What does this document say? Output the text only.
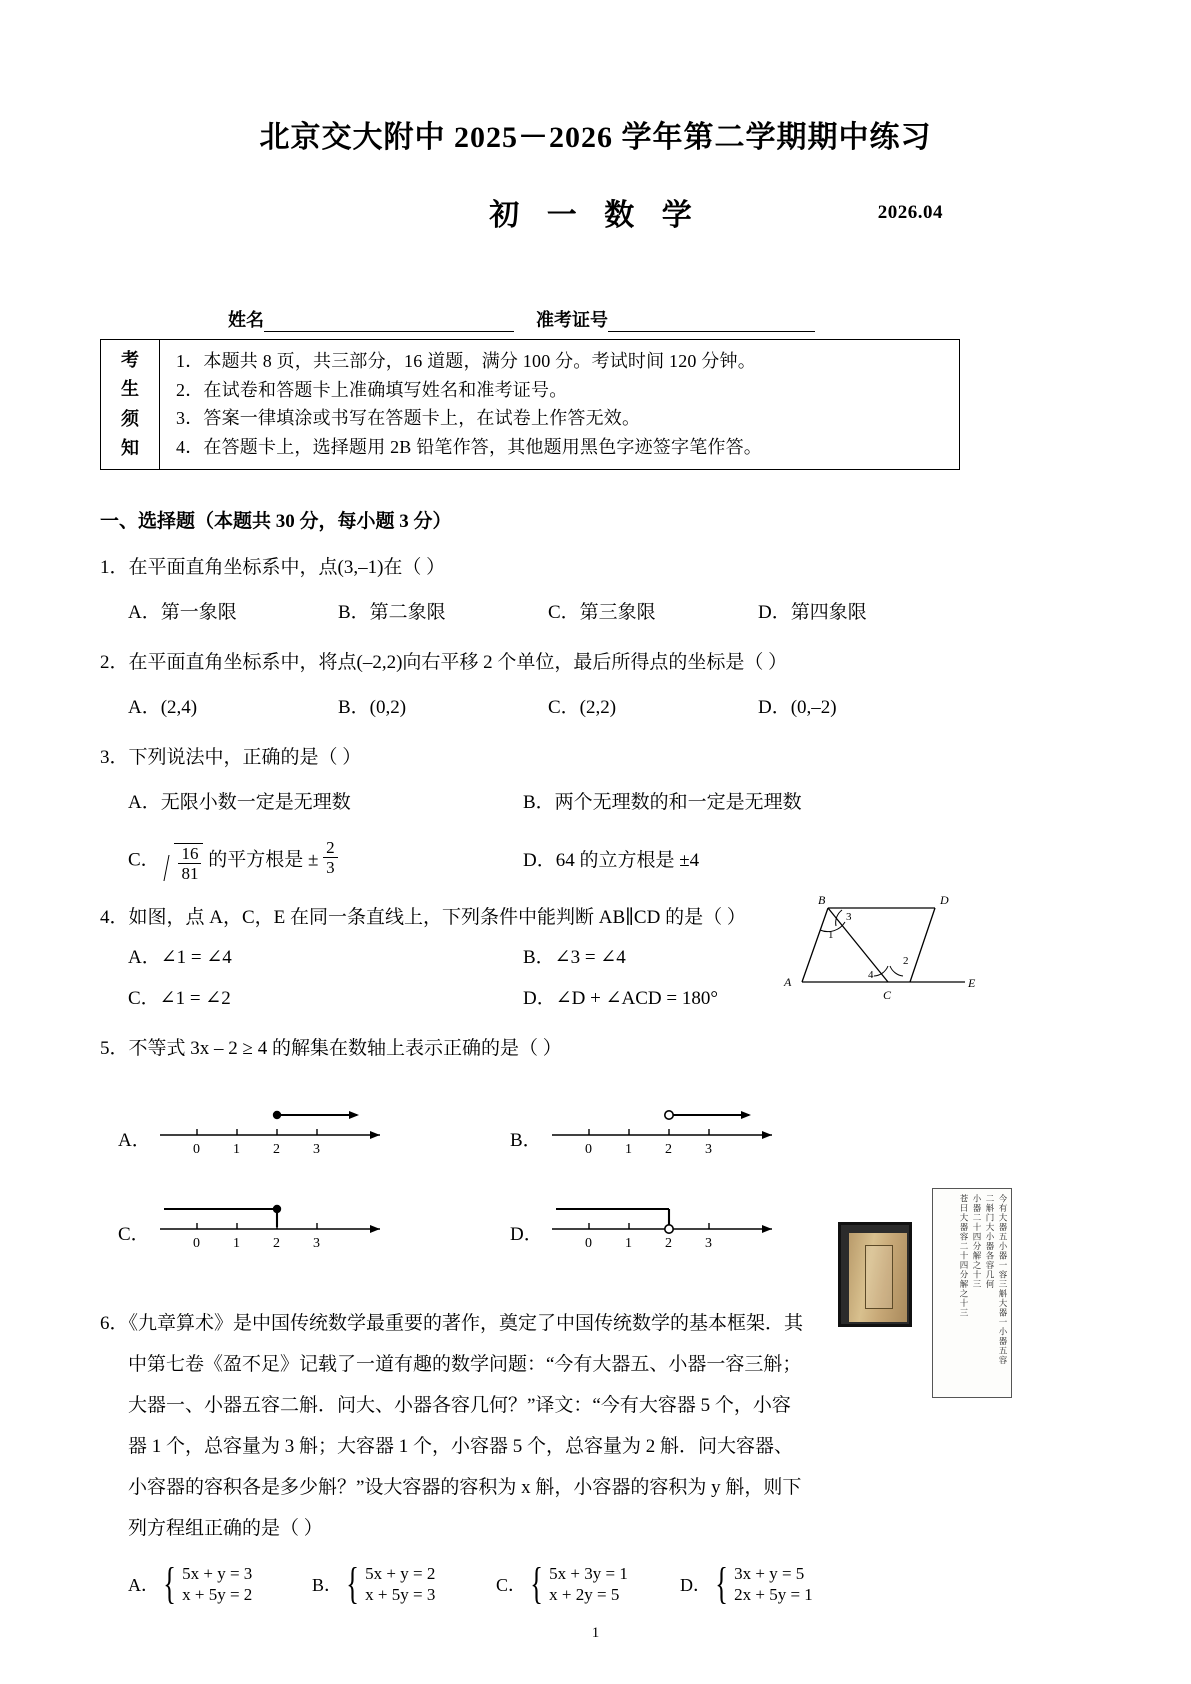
北京交大附中 2025－2026 学年第二学期期中练习
初 一 数 学	2026.04
姓名	准考证号
考
生
须
知
1．本题共 8 页，共三部分，16 道题，满分 100 分。考试时间 120 分钟。
2．在试卷和答题卡上准确填写姓名和准考证号。
3．答案一律填涂或书写在答题卡上，在试卷上作答无效。
4．在答题卡上，选择题用 2B 铅笔作答，其他题用黑色字迹签字笔作答。
一、选择题（本题共 30 分，每小题 3 分）
1．在平面直角坐标系中，点(3,–1)在（ ）
A．第一象限	B．第二象限	C．第三象限	D．第四象限
2．在平面直角坐标系中，将点(–2,2)向右平移 2 个单位，最后所得点的坐标是（ ）
A．(2,4)	B．(0,2)	C．(2,2)	D．(0,–2)
3．下列说法中，正确的是（ ）
A．无限小数一定是无理数	B．两个无理数的和一定是无理数
C． $\frac{16}{81}$ 的平方根是 ± $\frac{2}{3}$	D．64 的立方根是 ±4
4．如图，点 A，C，E 在同一条直线上，下列条件中能判断 AB∥CD 的是（ ）
A．∠1 = ∠4	B．∠3 = ∠4
C．∠1 = ∠2	D．∠D + ∠ACD = 180°
B	D
A
C
E
1
2
3
4
5．不等式 3x – 2 ≥ 4 的解集在数轴上表示正确的是（ ）
A．	0 1 2 3	B．	0 1 2 3
C．	0 1 2 3	D．	0 1 2 3
6．《九章算术》是中国传统数学最重要的著作，奠定了中国传统数学的基本框架．其
中第七卷《盈不足》记载了一道有趣的数学问题：“今有大器五、小器一容三斛；
大器一、小器五容二斛．问大、小器各容几何？”译文：“今有大容器 5 个，小容
器 1 个，总容量为 3 斛；大容器 1 个，小容器 5 个，总容量为 2 斛．问大容器、
小容器的容积各是多少斛？”设大容器的容积为 x 斛，小容器的容积为 y 斛，则下
列方程组正确的是（ ）
今有大器五小器一容三斛大器一小器五容
二斛门大小器各容几何
小器二十四分解之十三
苍曰大器容二十四分解之十三
A． { 5x + y = 3
x + 5y = 2	B． { 5x + y = 2
x + 5y = 3	C． { 5x + 3y = 1
x + 2y = 5	D． { 3x + y = 5
2x + 5y = 1
1
